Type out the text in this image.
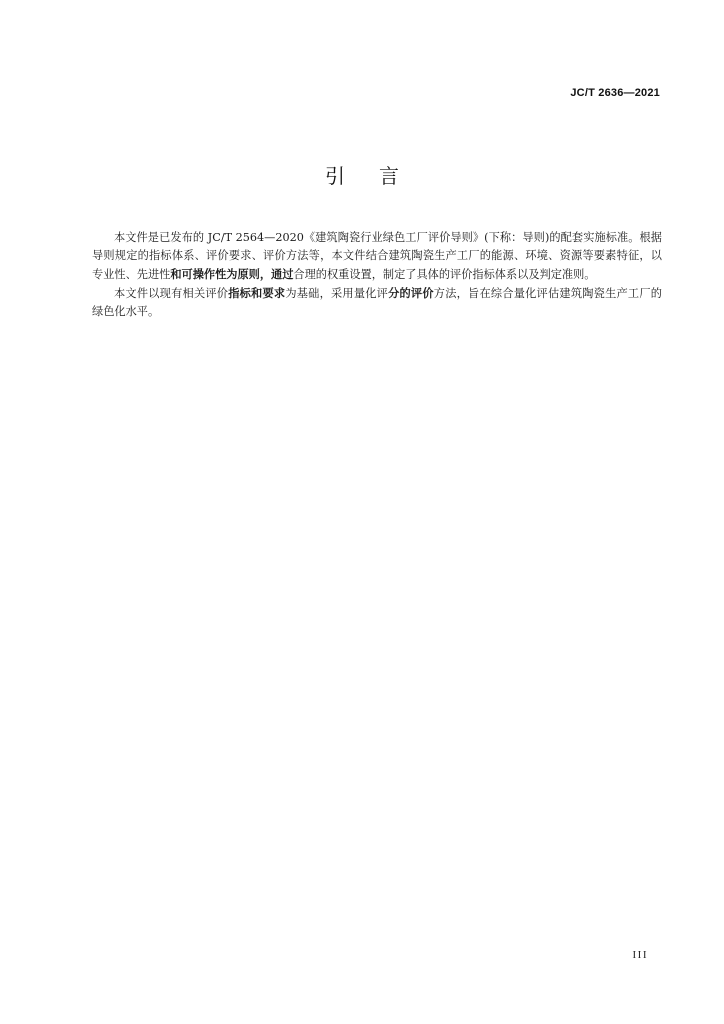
JC/T 2636—2021
引言

本文件是已发布的 JC/T 2564—2020《建筑陶瓷行业绿色工厂评价导则》(下称：导则)的配套实施标准。根据导则规定的指标体系、评价要求、评价方法等，本文件结合建筑陶瓷生产工厂的能源、环境、资源等要素特征，以专业性、先进性和可操作性为原则，通过合理的权重设置，制定了具体的评价指标体系以及判定准则。

本文件以现有相关评价指标和要求为基础，采用量化评分的评价方法，旨在综合量化评估建筑陶瓷生产工厂的绿色化水平。

III
